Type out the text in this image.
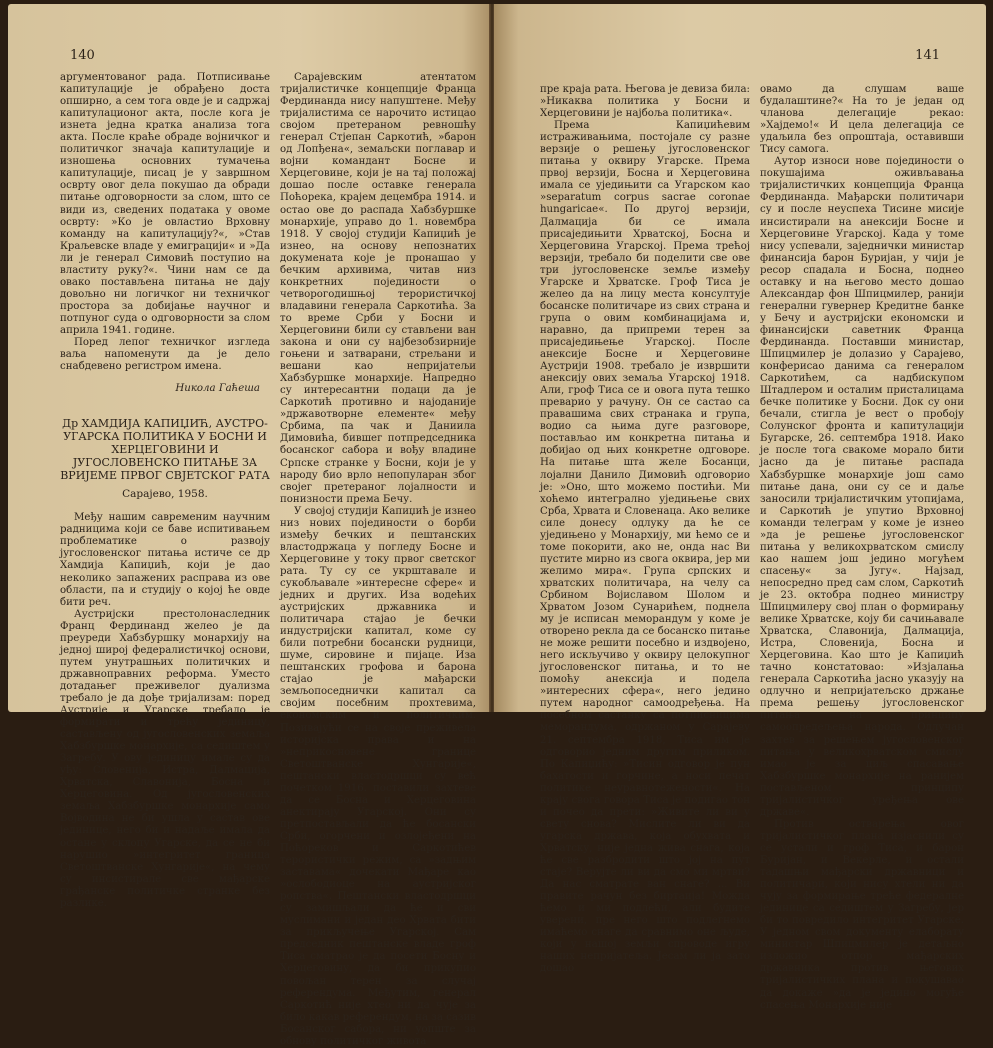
140

аргументованог рада. Потписивање капитулације је обрађено доста опширно, а сем тога овде је и садржај капитулационог акта, после кога је изнета једна кратка анализа тога акта. После краће обраде војничког и политичког значаја капитулације и изношења основних тумачења капитулације, писац је у завршном осврту овог дела покушао да обради питање одговорности за слом, што се види из, сведених података у овоме осврту: »Ко је овластио Врховну команду на капитулацију?«, »Став Краљевске владе у емиграцији« и »Да ли је генерал Симовић поступио на властиту руку?«. Чини нам се да овако постављена питања не дају довољно ни логичког ни техничког простора за добијање научног и потпуног суда о одговорности за слом априла 1941. године.

Поред лепог техничког изгледа ваља напоменути да је дело снабдевено регистром имена.

Никола Гаћеша

Др ХАМДИЈА КАПИЏИЋ, АУСТРО-УГАРСКА ПОЛИТИКА У БОСНИ И ХЕРЦЕГОВИНИ И ЈУГОСЛОВЕНСКО ПИТАЊЕ ЗА ВРИЈЕМЕ ПРВОГ СВЈЕТСКОГ РАТА

Сарајево, 1958.

Међу нашим савременим научним радницима који се баве испитивањем проблематике о развоју југословенског питања истиче се др Хамдија Капиџић, који је дао неколико запажених расправа из ове области, па и студију о којој ће овде бити реч.

Аустријски престолонаследник Франц Фердинанд желео је да преуреди Хабзбуршку монархију на једној широј федералистичкој основи, путем унутрашњих политичких и државноправних реформа. Уместо дотадањег преживелог дуализма требало је да дође тријализам: поред Аустрије и Угарске требало је формирати и трећу јединицу, састављену од југословенских земаља Хабзбуршке монархије, са седиштем у Загребу. У ову јединицу имале су да уђу: Словенија, Истра, Далмација, Хрватска, Славонија, Босна и Херцеговина. Од југословенских земаља Хабзбуршке монархије само Војводина не би ушла у састав ове јединице, него би и надаље имала да остане у склопу Угарске, да се не би нарушио »интегритет граница Светоштванске Хунгарије«, на чему су инсистирале све мађарске грађанске политичке странке без разлике.

Сарајевским атентатом тријалистичке концепције Франца Фердинанда нису напуштене. Међу тријалистима се нарочито истицао својом претераном ревношћу генерал Стјепан Саркотић, »барон од Лопђена«, земаљски поглавар и војни командант Босне и Херцеговине, који је на тај положај дошао после оставке генерала Поћорека, крајем децембра 1914. и остао ове до распада Хабзбуршке монархије, управо до 1. новембра 1918. У својој студији Капиџић је изнео, на основу непознатих докумената које је пронашао у бечким архивима, читав низ конкретних појединости о четворогодишњој терористичкој владавини генерала Саркотића. За то време Срби у Босни и Херцеговини били су стављени ван закона и они су најбезобзирније гоњени и затварани, стрељани и вешани као непријатељи Хабзбуршке монархије. Напредно су интересантни подаци да је Саркотић противно и најоданије »државотворне елементе« међу Србима, па чак и Даниила Димовића, бившег потпредседника босанског сабора и вођу владине Српске странке у Босни, који је у народу био врло непопуларан због својег претераног лојалности и понизности према Бечу.

У својој студији Капиџић је изнео низ нових појединости о борби између бечких и пештанских властодржаца у погледу Босне и Херцеговине у току првог светског рата. Ту су се укрштавале и сукобљавале »интересне сфере« и једних и других. Иза водећих аустријских државника и политичара стајао је бечки индустријски капитал, коме су били потребни босански рудници, шуме, сировине и пијаце. Иза пештанских грофова и барона стајао је мађарски земљопоседнички капитал са својим посебним прохтевима, економским и политичким. Позивајући се на своје преживела историјска права и на »неприкосновене границе Светоштванске Хунгарије«, пештански властодршци су већ почетком 1916. поставили захтеве да се Босна и Херцеговина анектирају Угарској. Они су претпостављали да ће босански Срби, огорчени и озлојеђени на Поћореков и Саркотићев терористички режим, са »задњим заставама« дочекати Мађаре као »ослободиоце на аустријског ропства«. Пештански властодршци су замишљали да ће и сви муслимани и један део Хрвата бити за прикључење Угарској. Сам председник пештанске владе гроф Тиса сматрао је да посети Босну и Херцеговину, да би прикупио повољан терен за случај референдума. Међутим, генерал Саркотић није хтео ни да чује за било какав референдум, на за сазив Босанског сабора, ни уопште за обнову политичког живота

141

пре краја рата. Његова је девиза била: »Никаква политика у Босни и Херцеговини је најбоља политика«.

Према Капиџићевим истраживањима, постојале су разне верзије о решењу југословенског питања у оквиру Угарске. Према првој верзији, Босна и Херцеговина имала се уједињити са Угарском као »separatum corpus sacrae coronae hungaricae«. По другој верзији, Далмација би се имала присаједињити Хрватској, Босна и Херцеговина Угарској. Према трећој верзији, требало би поделити све ове три југословенске земље између Угарске и Хрватске. Гроф Тиса је желео да на лицу места консултује босанске политичаре из свих страна и група о овим комбинацијама и, наравно, да припреми терен за присаједињење Угарској. После анексије Босне и Херцеговине Аустрији 1908. требало је извршити анексију ових земаља Угарској 1918. Али, гроф Тиса се и овога пута тешко преварио у рачуну. Он се састао са правашима свих странака и група, водио са њима дуге разговоре, постављао им конкретна питања и добијао од њих конкретне одговоре. На питање шта желе Босанци, лојални Данило Димовић одговорио је: »Оно, што можемо постићи. Ми хоћемо интегрално уједињење свих Срба, Хрвата и Словенаца. Ако велике силе донесу одлуку да ће се уједињено у Монархију, ми ћемо се и томе покорити, ако не, онда нас Ви пустите мирно из свога оквира, јер ми желимо мира«. Група српских и хрватских политичара, на челу са Србином Војиславом Шолом и Хрватом Јозом Сунарићем, поднела му је исписан меморандум у коме је отворено рекла да се босанско питање не може решити посебно и издвојено, него искључиво у оквиру целокупног југословенског питања, и то не помоћу анексија и подела »интересних сфера«, него једино путем народног самоодређења. На посебном састанку са потписницима меморандума, одржаном у Сарајеву 21. септембра 1918, Тиса им је одговорио једним другим приликом. По Капиџићу: »Тисин одговор је пун бахатости и горчине, а носи печат политике неуравнотежености«. На крају свога говора Тиса је подигао тон и почео да прети: »Живите ли ви у свету снова? Мислите ли ви да угарска држава, која обухвата и Хрватску, није једна жива снага, која ће све разбродити што јој на пут стаје? Верујте ли ви да смо ми мртви? Да нас сматрате ван снаге? ... Ви правите рачун без биртаија! Можда ћемо и ми подлећи, али будите уверени, пре него што подлегнемо имаћемо снаге да сравнимо оне људе, који у нашој земљи спроводе игру наших непријатеља. Јесам ли ја зато дошао

овамо да слушам ваше будалаштине?« На то је један од чланова делегације рекао: »Хајдемо!« И цела делегација се удаљила без опроштаја, оставивши Тису самога.

Аутор износи нове појединости о покушајима оживљавања тријалистичких концепција Франца Фердинанда. Мађарски политичари су и после неуспеха Тисине мисије инсистирали на анексији Босне и Херцеговине Угарској. Када у томе нису успевали, заједнички министар финансија барон Буријан, у чији је ресор спадала и Босна, поднео оставку и на његово место дошао Александар фон Шпицмилер, ранији генерални гувернер Кредитне банке у Бечу и аустријски економски и финансијски саветник Франца Фердинанда. Поставши министар, Шпицмилер је долазио у Сарајево, конферисао данима са генералом Саркотићем, са надбискупом Штадлером и осталим присталицама бечке политике у Босни. Док су они бечали, стигла је вест о пробоју Солунског фронта и капитулацији Бугарске, 26. септембра 1918. Иако је после тога свакоме морало бити јасно да је питање распада Хабзбуршке монархије још само питање дана, они су се и даље заносили тријалистичким утопијама, и Саркотић је упутио Врховној команди телеграм у коме је изнео »да је решење југословенског питања у великохрватском смислу као нашем још једино могућем спасењу« за Југу«. Најзад, непосредно пред сам слом, Саркотић је 23. октобра поднео министру Шпицмилеру свој план о формирању велике Хрватске, коју би сачињавале Хрватска, Славонија, Далмација, Истра, Словенија, Босна и Херцеговина. Као што је Капиџић тачно констатовао: »Изјалања генерала Саркотића јасно указују на одлучно и непријатељско држање према решењу југословенског питања на принципу самоопредељења народа. Одлучан захтев за решењем југословенског питања у великохрватском смислу имао је за циљ спасавање Хабзбуршке монархије на ранијем постављеном принципу тријалистичког уређења ове државе«.

Против остварења овог тријалистичког плана изјаснили су се устали и гроф Тиса, и барон Буријан, и Векерле, и остали тадашњи мађарски државници и политичари, који нису хтели ни да чују за формирање треће федералне јединице са седиштем у Загребу, јер би то повредило интегритет Угарске. У једном свом документу елаборату министар Шпицмилер је детаљно изложио отпор мађарских државника против његових тријалистичких плана и покушавао да докаже »да је једино могуће спасења Монархије није
